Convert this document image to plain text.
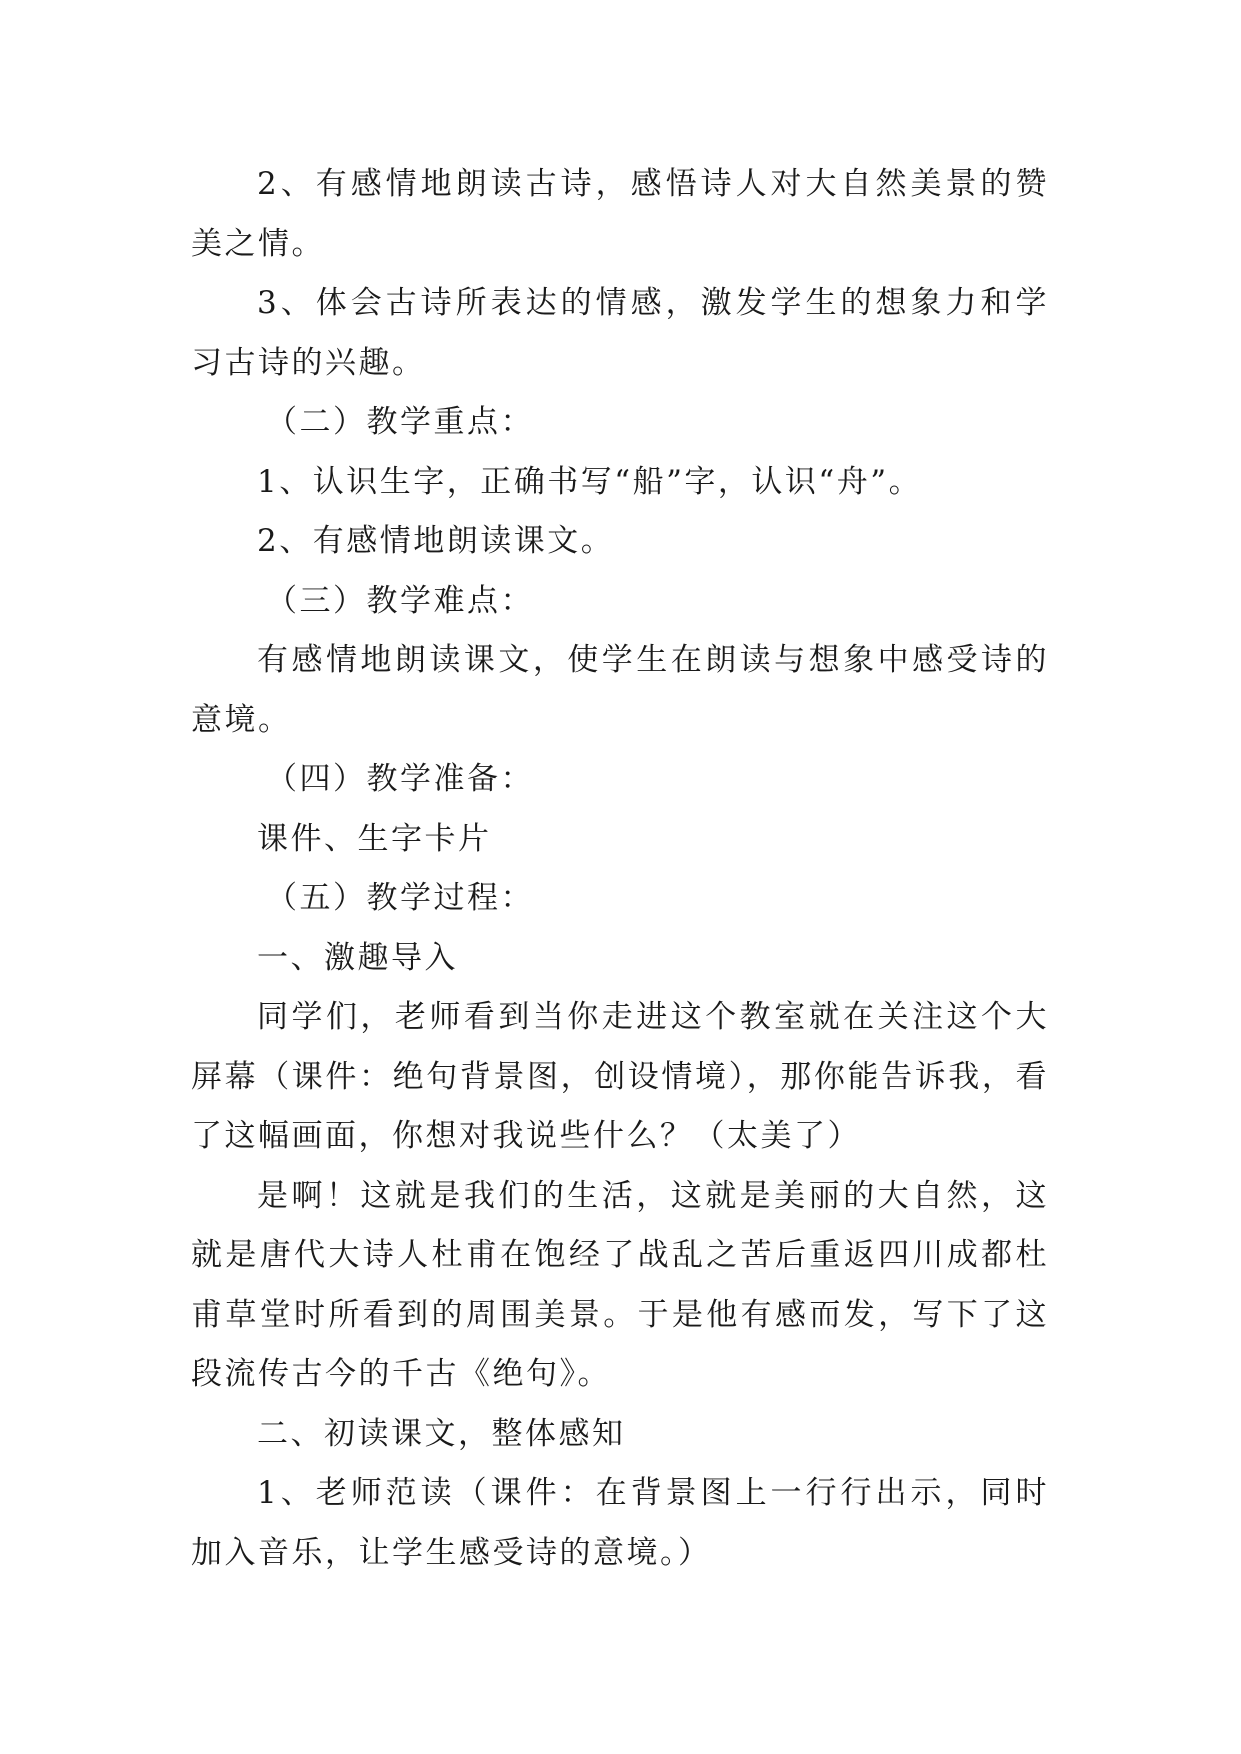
2、有感情地朗读古诗，感悟诗人对大自然美景的赞美之情。

3、体会古诗所表达的情感，激发学生的想象力和学习古诗的兴趣。

（二）教学重点：

1、认识生字，正确书写“船”字，认识“舟”。

2、有感情地朗读课文。

（三）教学难点：

有感情地朗读课文，使学生在朗读与想象中感受诗的意境。

（四）教学准备：

课件、生字卡片

（五）教学过程：

一、激趣导入

同学们，老师看到当你走进这个教室就在关注这个大屏幕（课件：绝句背景图，创设情境），那你能告诉我，看了这幅画面，你想对我说些什么？（太美了）

是啊！这就是我们的生活，这就是美丽的大自然，这就是唐代大诗人杜甫在饱经了战乱之苦后重返四川成都杜甫草堂时所看到的周围美景。于是他有感而发，写下了这段流传古今的千古《绝句》。

二、初读课文，整体感知

1、老师范读（课件：在背景图上一行行出示，同时加入音乐，让学生感受诗的意境。）
